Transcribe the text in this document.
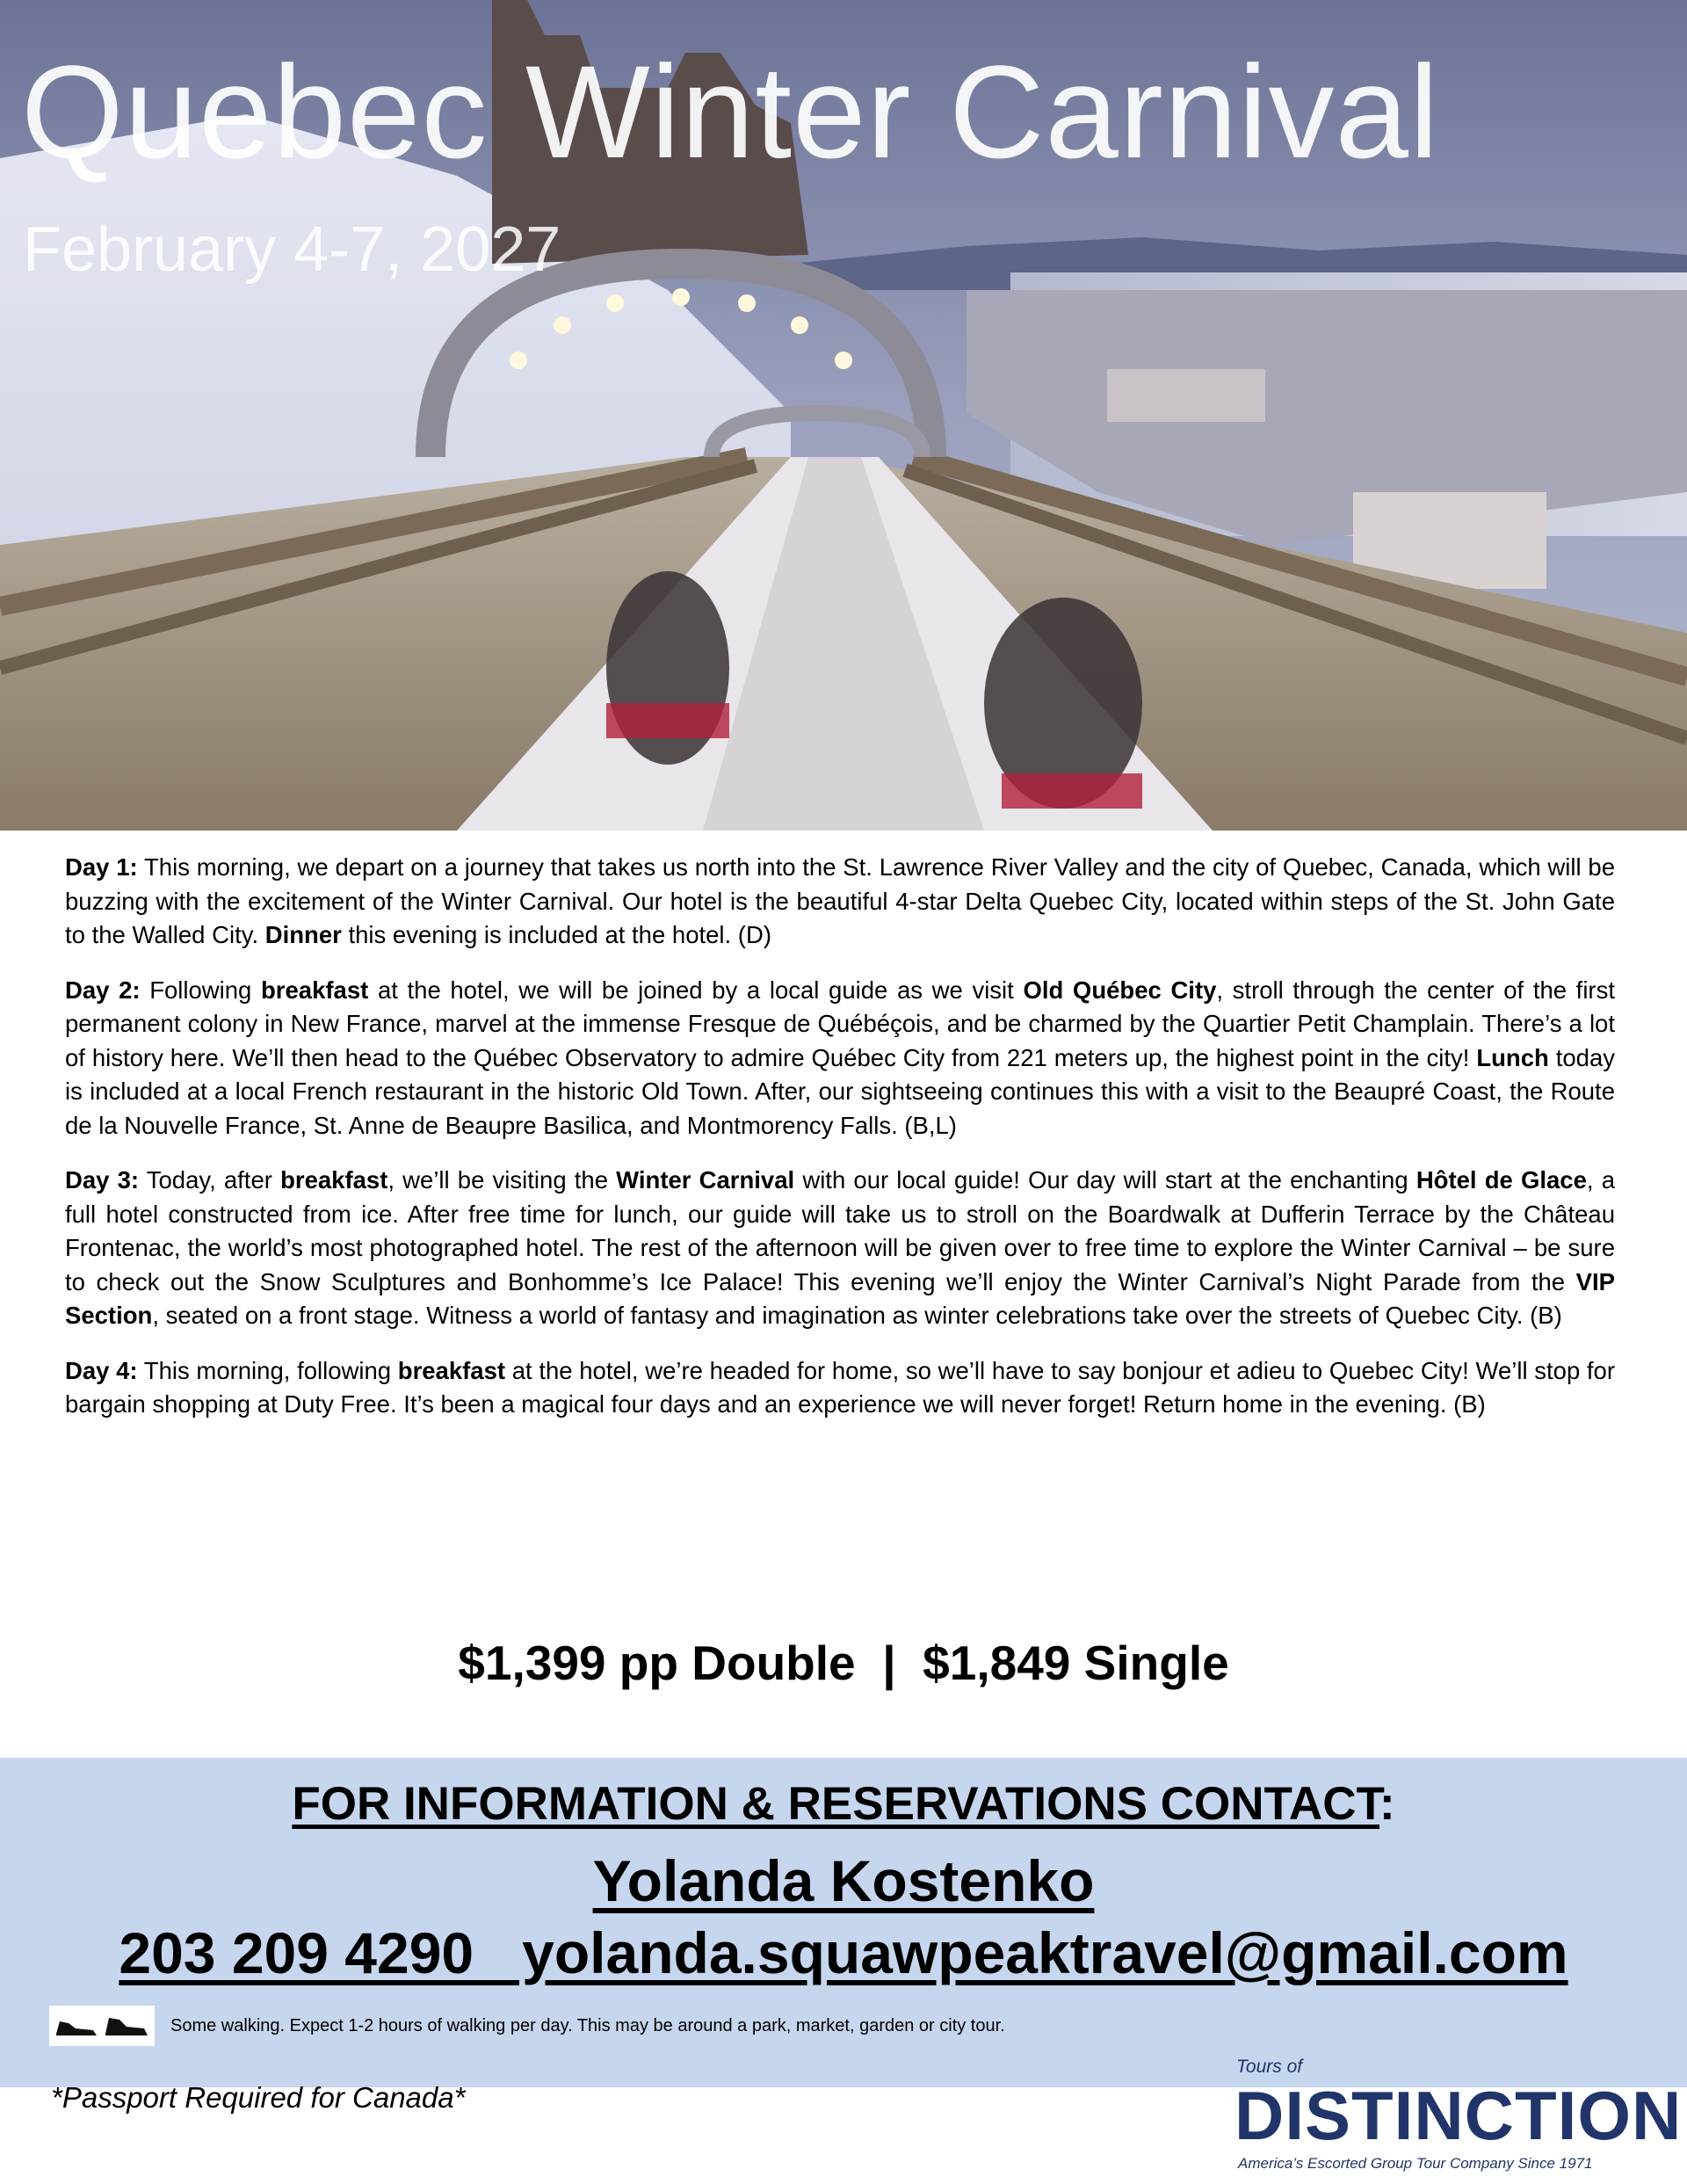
Quebec Winter Carnival
February 4-7, 2027

Day 1: This morning, we depart on a journey that takes us north into the St. Lawrence River Valley and the city of Quebec, Canada, which will be buzzing with the excitement of the Winter Carnival. Our hotel is the beautiful 4-star Delta Quebec City, located within steps of the St. John Gate to the Walled City. Dinner this evening is included at the hotel. (D)

Day 2: Following breakfast at the hotel, we will be joined by a local guide as we visit Old Québec City, stroll through the center of the first permanent colony in New France, marvel at the immense Fresque de Québéçois, and be charmed by the Quartier Petit Champlain. There’s a lot of history here. We’ll then head to the Québec Observatory to admire Québec City from 221 meters up, the highest point in the city! Lunch today is included at a local French restaurant in the historic Old Town. After, our sightseeing continues this with a visit to the Beaupré Coast, the Route de la Nouvelle France, St. Anne de Beaupre Basilica, and Montmorency Falls. (B,L)

Day 3: Today, after breakfast, we’ll be visiting the Winter Carnival with our local guide! Our day will start at the enchanting Hôtel de Glace, a full hotel constructed from ice. After free time for lunch, our guide will take us to stroll on the Boardwalk at Dufferin Terrace by the Château Frontenac, the world’s most photographed hotel. The rest of the afternoon will be given over to free time to explore the Winter Carnival – be sure to check out the Snow Sculptures and Bonhomme’s Ice Palace! This evening we’ll enjoy the Winter Carnival’s Night Parade from the VIP Section, seated on a front stage. Witness a world of fantasy and imagination as winter celebrations take over the streets of Quebec City. (B)

Day 4: This morning, following breakfast at the hotel, we’re headed for home, so we’ll have to say bonjour et adieu to Quebec City! We’ll stop for bargain shopping at Duty Free. It’s been a magical four days and an experience we will never forget! Return home in the evening. (B)

$1,399 pp Double  |  $1,849 Single
FOR INFORMATION & RESERVATIONS CONTACT:
Yolanda Kostenko
203 209 4290   yolanda.squawpeaktravel@gmail.com
Some walking. Expect 1-2 hours of walking per day. This may be around a park, market, garden or city tour.
*Passport Required for Canada*
Tours of
DISTINCTION
America’s Escorted Group Tour Company Since 1971
